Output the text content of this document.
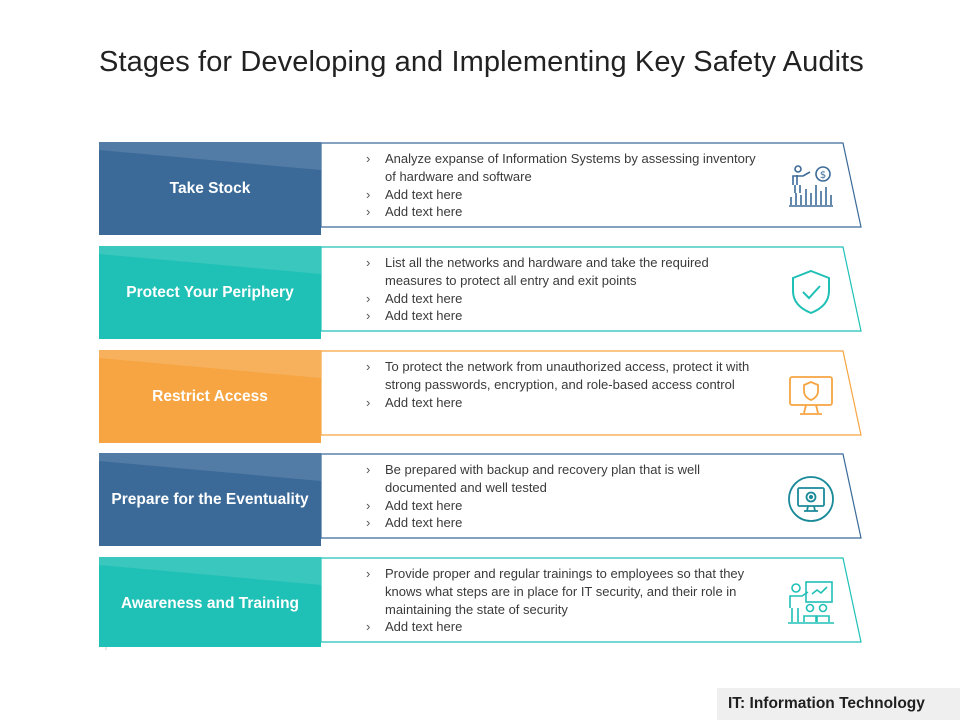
Stages for Developing and Implementing Key Safety Audits
Take Stock
› Analyze expanse of Information Systems by assessing inventory of hardware and software
› Add text here
› Add text here
$
Protect Your Periphery
› List all the networks and hardware and take the required measures to protect all entry and exit points
› Add text here
› Add text here
Restrict Access
› To protect the network from unauthorized access, protect it with strong passwords, encryption, and role-based access control
› Add text here
Prepare for the Eventuality
› Be prepared with backup and recovery plan that is well documented and well tested
› Add text here
› Add text here
Awareness and Training
› Provide proper and regular trainings to employees so that they knows what steps are in place for IT security, and their role in maintaining the state of security
› Add text here
IT: Information Technology
